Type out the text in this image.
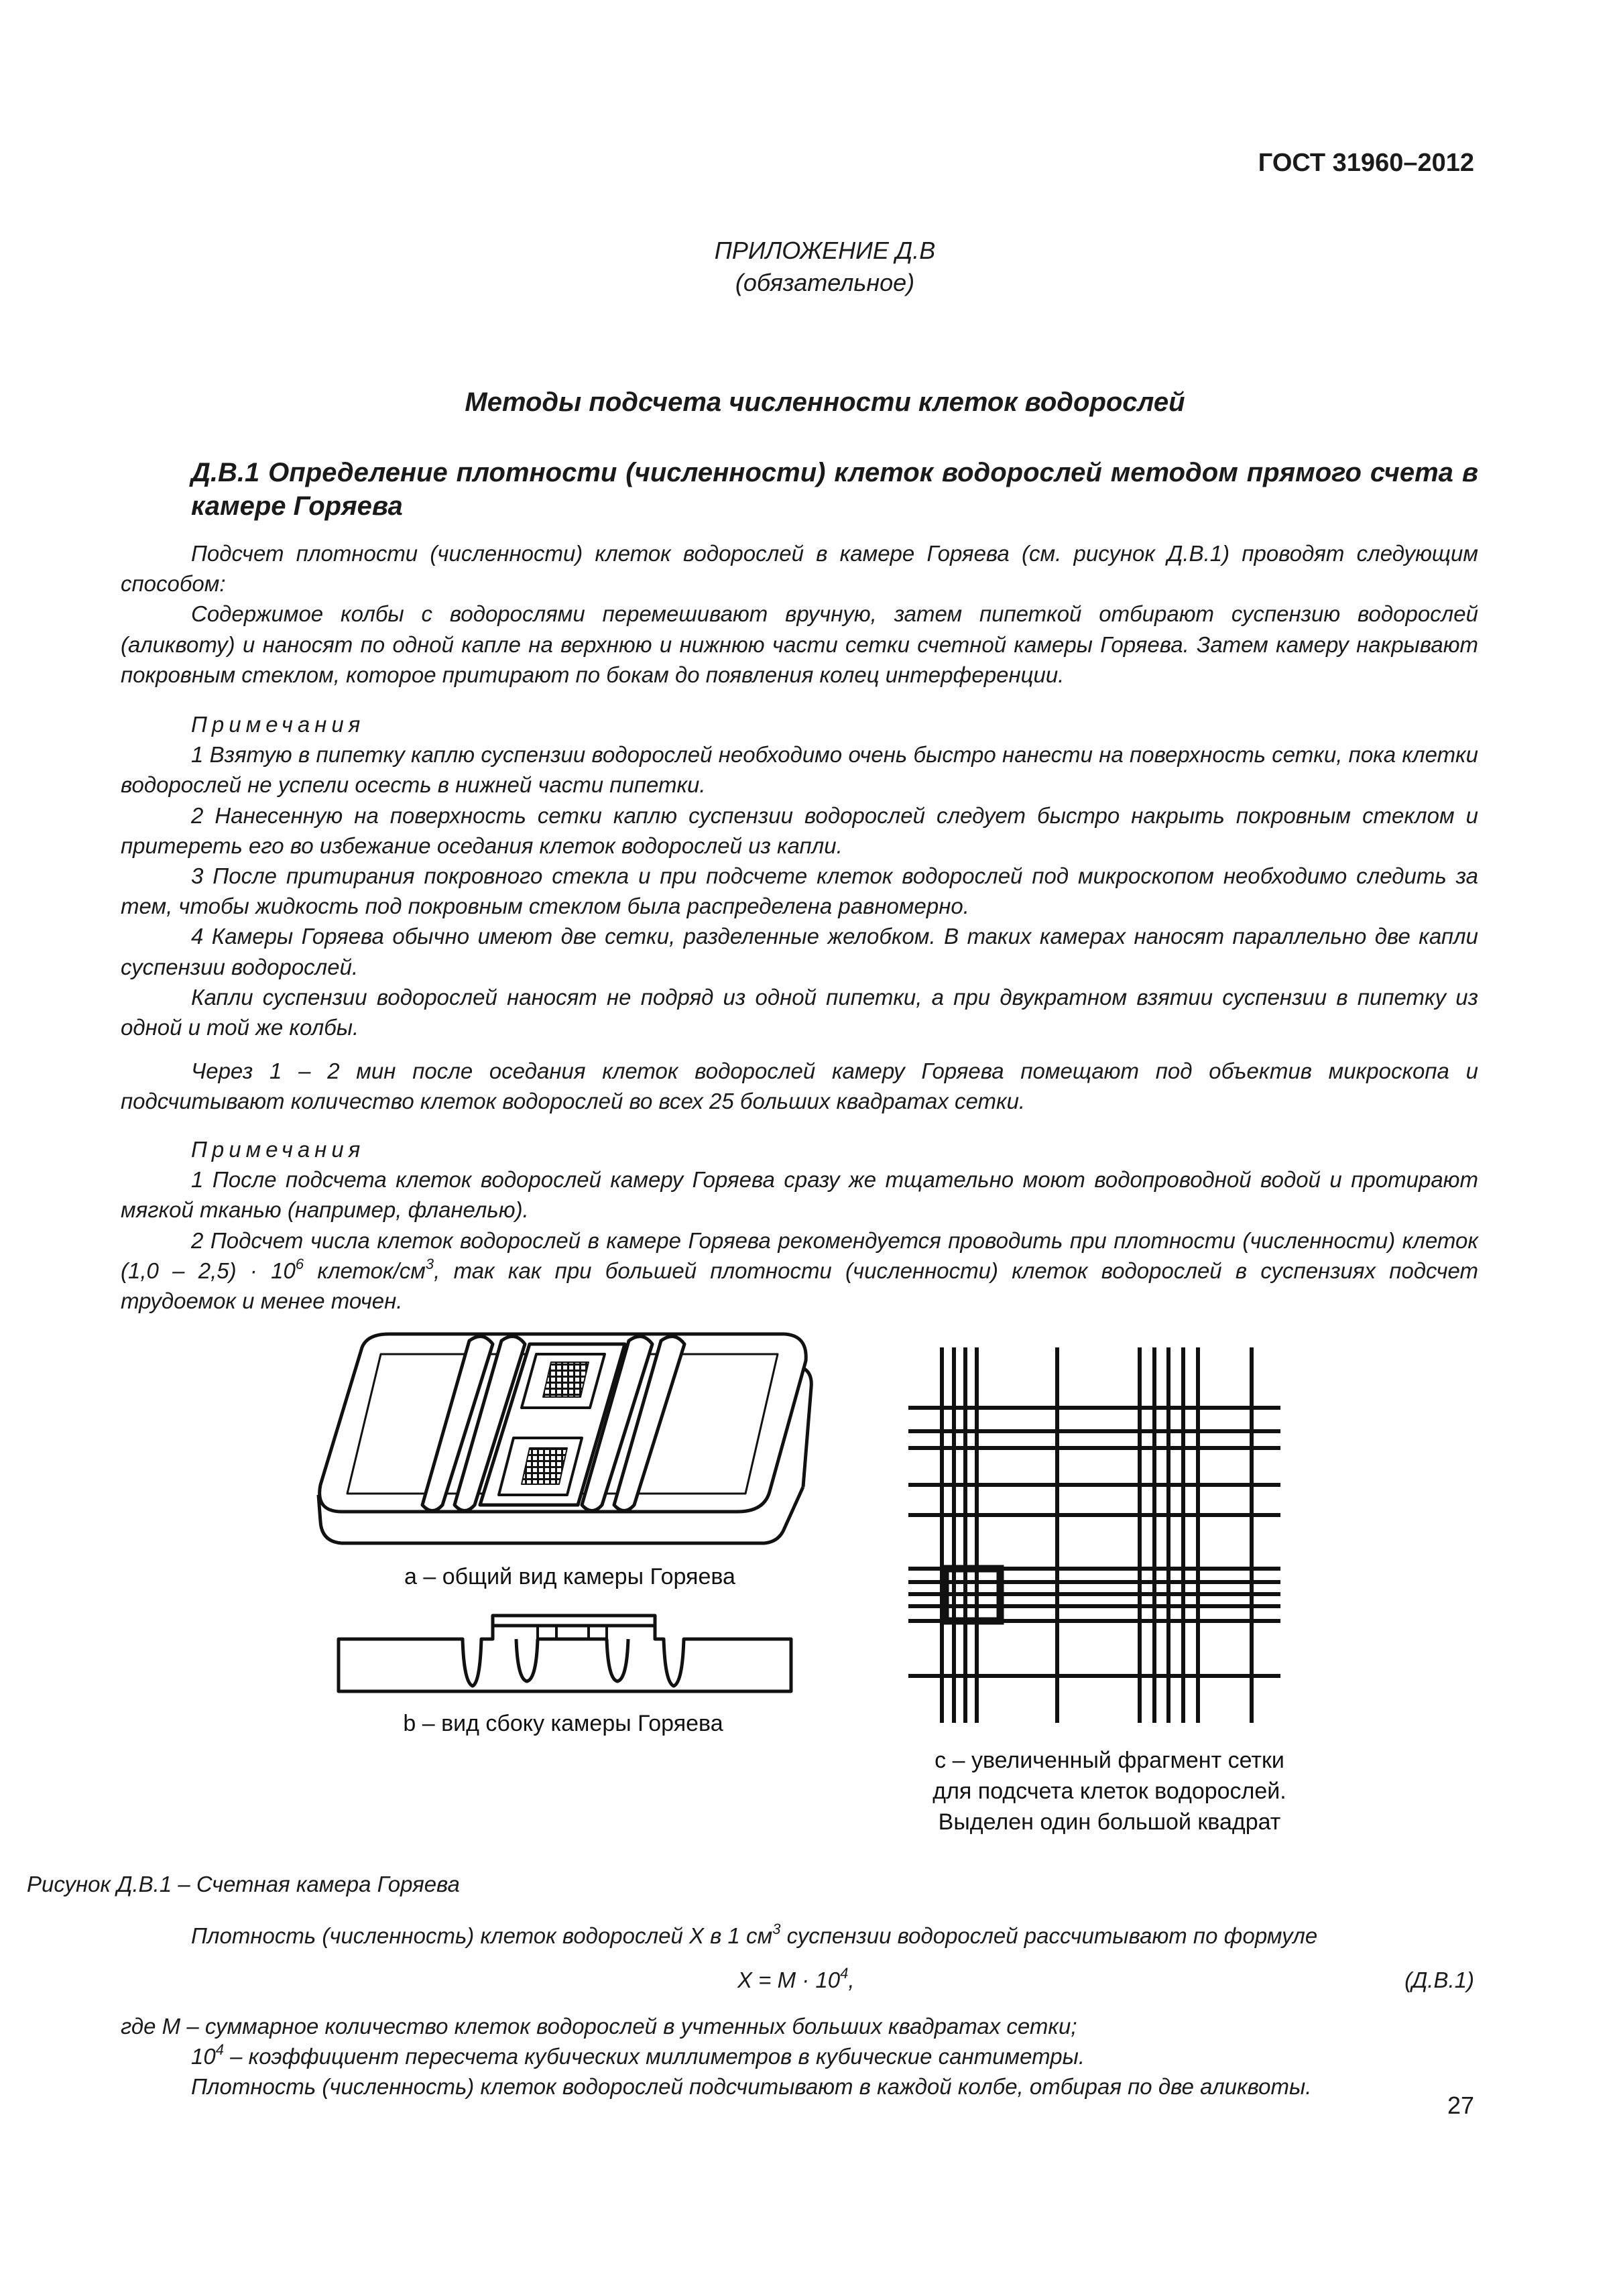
ГОСТ 31960–2012
ПРИЛОЖЕНИЕ Д.В
(обязательное)
Методы подсчета численности клеток водорослей
Д.В.1 Определение плотности (численности) клеток водорослей методом прямого счета в камере Горяева

Подсчет плотности (численности) клеток водорослей в камере Горяева (см. рисунок Д.В.1) проводят следующим способом:

Содержимое колбы с водорослями перемешивают вручную, затем пипеткой отбирают суспензию водорослей (аликвоту) и наносят по одной капле на верхнюю и нижнюю части сетки счетной камеры Горяева. Затем камеру накрывают покровным стеклом, которое притирают по бокам до появления колец интерференции.

Примечания

1 Взятую в пипетку каплю суспензии водорослей необходимо очень быстро нанести на поверхность сетки, пока клетки водорослей не успели осесть в нижней части пипетки.

2 Нанесенную на поверхность сетки каплю суспензии водорослей следует быстро накрыть покровным стеклом и притереть его во избежание оседания клеток водорослей из капли.

3 После притирания покровного стекла и при подсчете клеток водорослей под микроскопом необходимо следить за тем, чтобы жидкость под покровным стеклом была распределена равномерно.

4 Камеры Горяева обычно имеют две сетки, разделенные желобком. В таких камерах наносят параллельно две капли суспензии водорослей.

Капли суспензии водорослей наносят не подряд из одной пипетки, а при двукратном взятии суспензии в пипетку из одной и той же колбы.

Через 1 – 2 мин после оседания клеток водорослей камеру Горяева помещают под объектив микроскопа и подсчитывают количество клеток водорослей во всех 25 больших квадратах сетки.

Примечания

1 После подсчета клеток водорослей камеру Горяева сразу же тщательно моют водопроводной водой и протирают мягкой тканью (например, фланелью).

2 Подсчет числа клеток водорослей в камере Горяева рекомендуется проводить при плотности (численности) клеток $(1,0 - 2,5) \cdot 10^6$ клеток/$см^3$, так как при большей плотности (численности) клеток водорослей в суспензиях подсчет трудоемок и менее точен.

a – общий вид камеры Горяева
b – вид сбоку камеры Горяева
c – увеличенный фрагмент сетки
для подсчета клеток водорослей.
Выделен один большой квадрат

Рисунок Д.В.1 – Счетная камера Горяева

Плотность (численность) клеток водорослей X в 1 $см^3$ суспензии водорослей рассчитывают по формуле

$X = M \cdot 10^4$,	(Д.В.1)

где M – суммарное количество клеток водорослей в учтенных больших квадратах сетки;

$10^4$ – коэффициент пересчета кубических миллиметров в кубические сантиметры.

Плотность (численность) клеток водорослей подсчитывают в каждой колбе, отбирая по две аликвоты.

27
